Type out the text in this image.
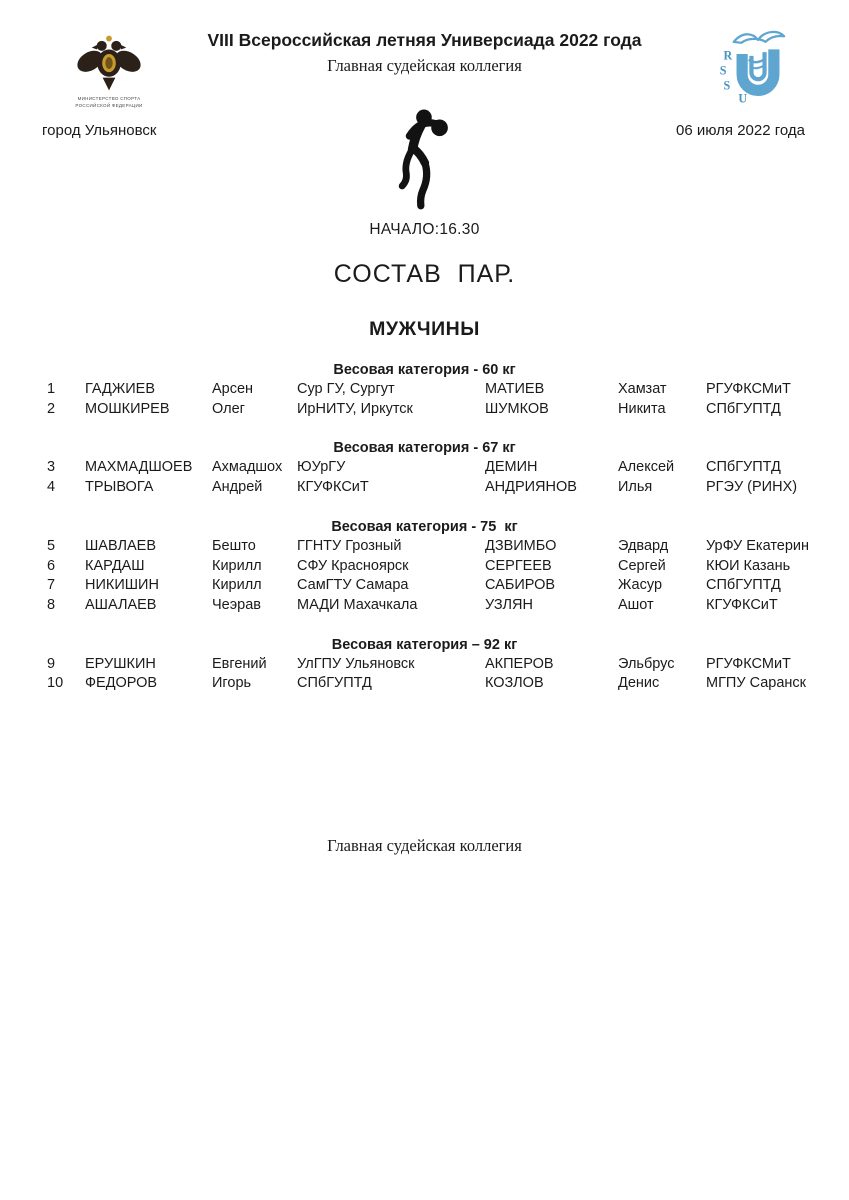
МИНИСТЕРСТВО СПОРТА
РОССИЙСКОЙ ФЕДЕРАЦИИ
VIII Всероссийская летняя Универсиада 2022 года
Главная судейская коллегия
R
S
S
U
город Ульяновск	06 июля 2022 года
НАЧАЛО:16.30
СОСТАВ  ПАР.
МУЖЧИНЫ
Весовая категория - 60 кг
1	ГАДЖИЕВ	Арсен	Сур ГУ, Сургут	МАТИЕВ	Хамзат	РГУФКСМиТ
2	МОШКИРЕВ	Олег	ИрНИТУ, Иркутск	ШУМКОВ	Никита	СПбГУПТД
Весовая категория - 67 кг
3	МАХМАДШОЕВ	Ахмадшох	ЮУрГУ	ДЕМИН	Алексей	СПбГУПТД
4	ТРЫВОГА	Андрей	КГУФКСиТ	АНДРИЯНОВ	Илья	РГЭУ (РИНХ)
Весовая категория - 75  кг
5	ШАВЛАЕВ	Бешто	ГГНТУ Грозный	ДЗВИМБО	Эдвард	УрФУ Екатерин
6	КАРДАШ	Кирилл	СФУ Красноярск	СЕРГЕЕВ	Сергей	КЮИ Казань
7	НИКИШИН	Кирилл	СамГТУ Самара	САБИРОВ	Жасур	СПбГУПТД
8	АШАЛАЕВ	Чеэрав	МАДИ Махачкала	УЗЛЯН	Ашот	КГУФКСиТ
Весовая категория – 92 кг
9	ЕРУШКИН	Евгений	УлГПУ Ульяновск	АКПЕРОВ	Эльбрус	РГУФКСМиТ
10	ФЕДОРОВ	Игорь	СПбГУПТД	КОЗЛОВ	Денис	МГПУ Саранск
Главная судейская коллегия
